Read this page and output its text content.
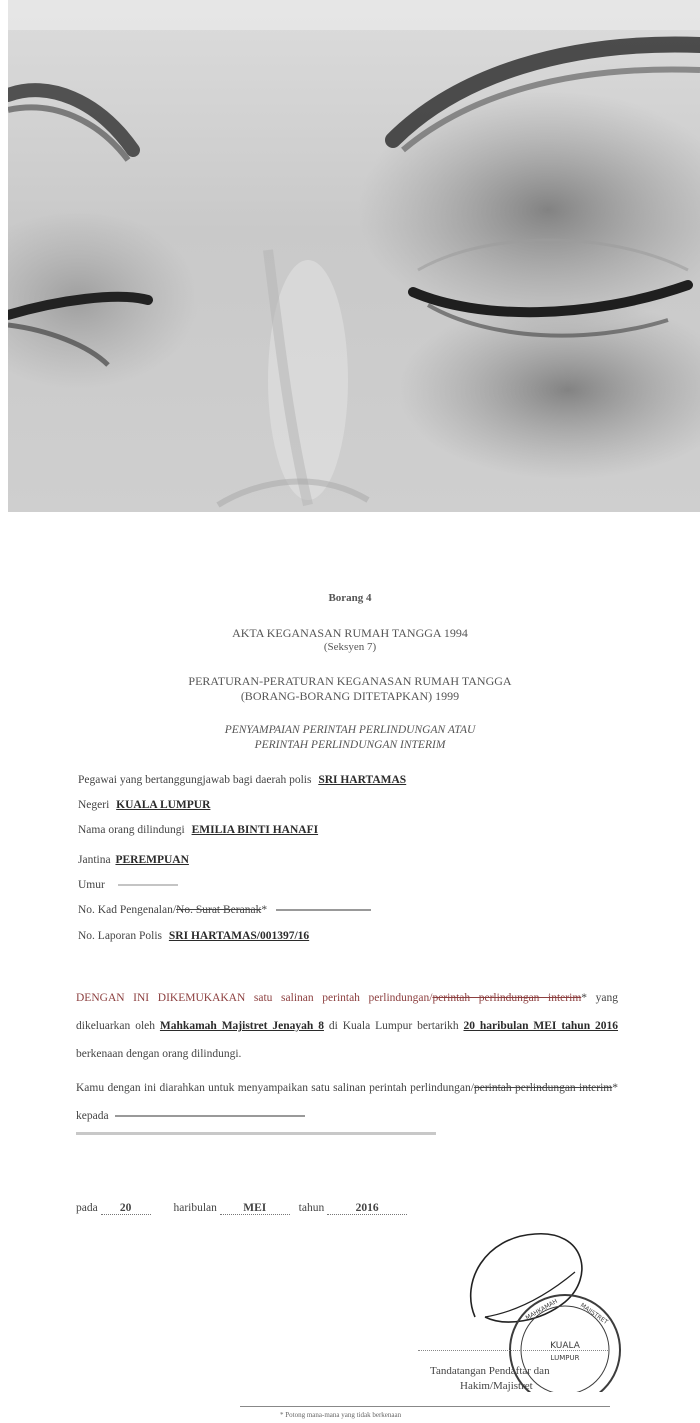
Borang 4
AKTA KEGANASAN RUMAH TANGGA 1994
(Seksyen 7)
PERATURAN-PERATURAN KEGANASAN RUMAH TANGGA
(BORANG-BORANG DITETAPKAN) 1999
PENYAMPAIAN PERINTAH PERLINDUNGAN ATAU
PERINTAH PERLINDUNGAN INTERIM
Pegawai yang bertanggungjawab bagi daerah polis SRI HARTAMAS
Negeri KUALA LUMPUR
Nama orang dilindungi EMILIA BINTI HANAFI
Jantina PEREMPUAN
Umur
No. Kad Pengenalan/No. Surat Beranak*
No. Laporan Polis SRI HARTAMAS/001397/16
DENGAN INI DIKEMUKAKAN satu salinan perintah perlindungan/perintah perlindungan interim* yang dikeluarkan oleh Mahkamah Majistret Jenayah 8 di Kuala Lumpur bertarikh 20 haribulan MEI tahun 2016 berkenaan dengan orang dilindungi.
Kamu dengan ini diarahkan untuk menyampaikan satu salinan perintah perlindungan/perintah perlindungan interim* kepada
pada 20	haribulan MEI	tahun	2016
KUALA
LUMPUR
MAHKAMAH	MAJISTRET
Tandatangan Pendaftar dan
Hakim/Majistret
* Potong mana-mana yang tidak berkenaan
